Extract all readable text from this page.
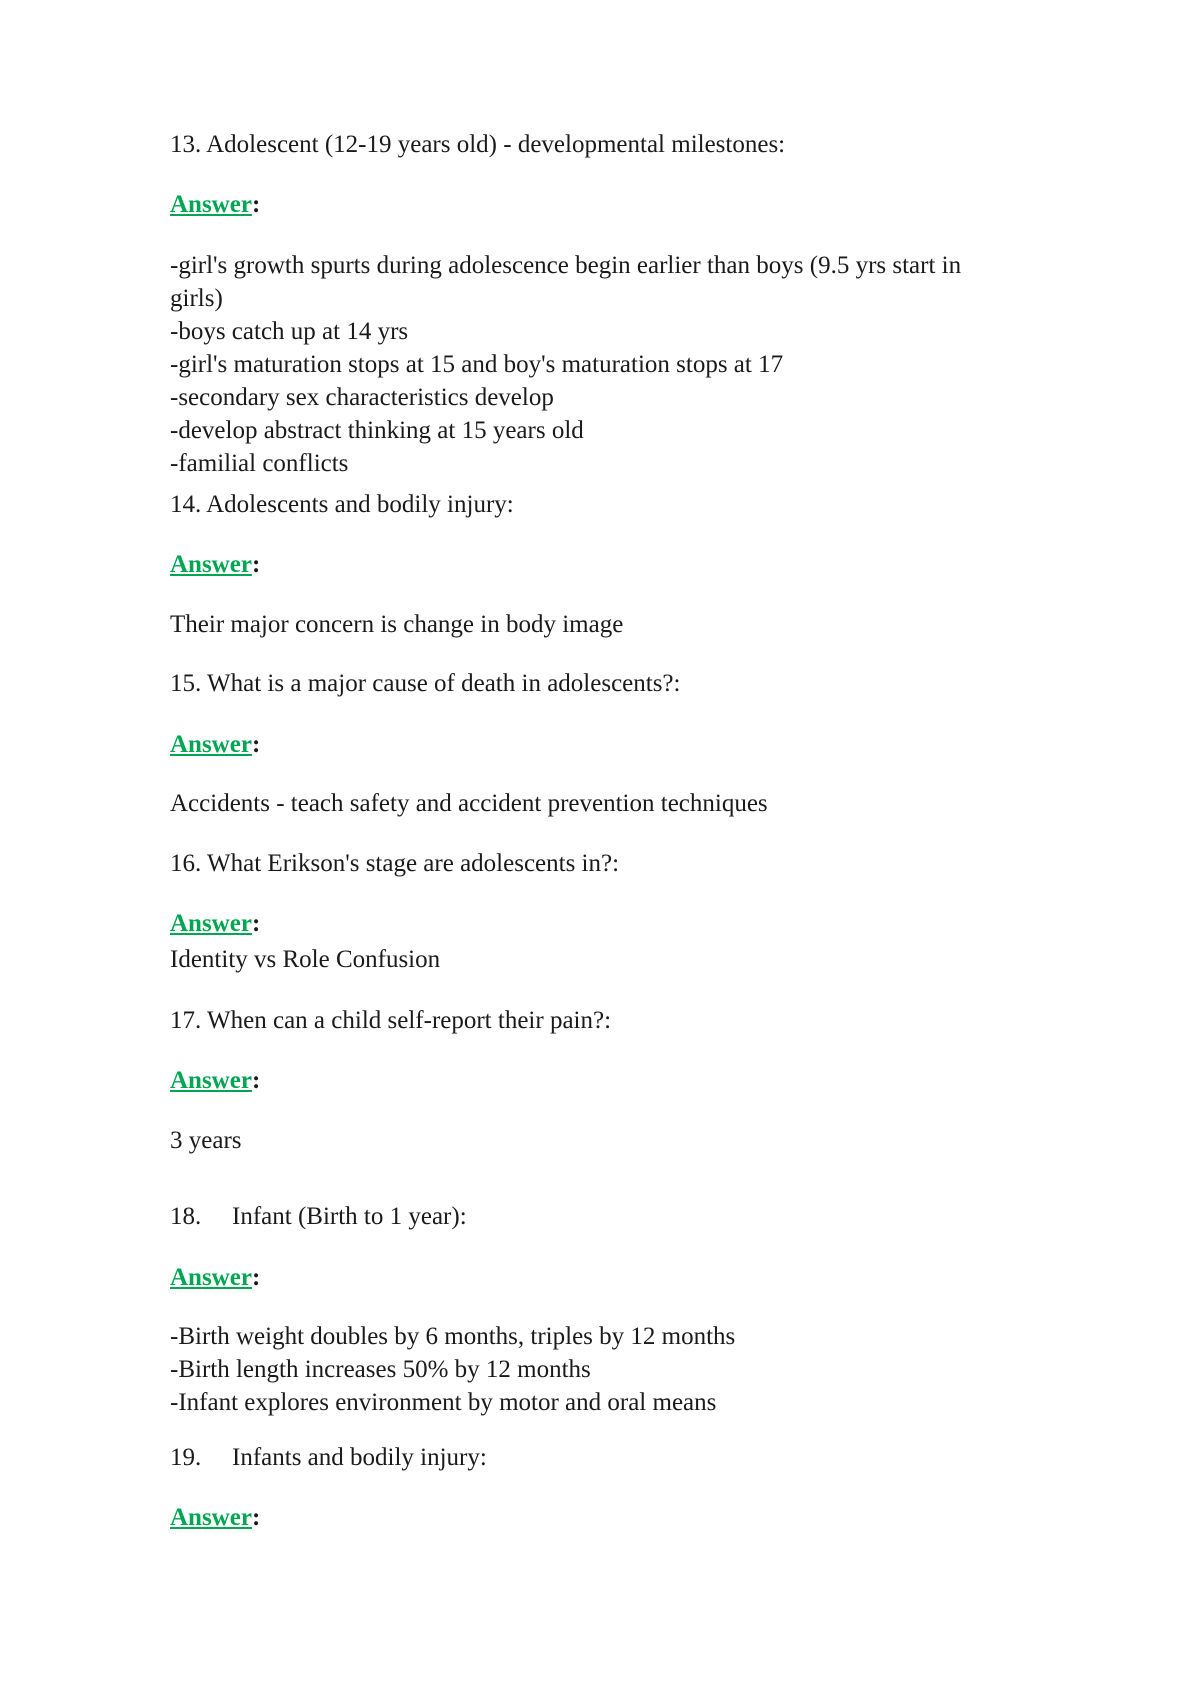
13. Adolescent (12-19 years old) - developmental milestones:
Answer:
-girl's growth spurts during adolescence begin earlier than boys (9.5 yrs start in
girls)
-boys catch up at 14 yrs
-girl's maturation stops at 15 and boy's maturation stops at 17
-secondary sex characteristics develop
-develop abstract thinking at 15 years old
-familial conflicts
14. Adolescents and bodily injury:
Answer:
Their major concern is change in body image
15. What is a major cause of death in adolescents?:
Answer:
Accidents - teach safety and accident prevention techniques
16. What Erikson's stage are adolescents in?:
Answer:
Identity vs Role Confusion
17. When can a child self-report their pain?:
Answer:
3 years
18. Infant (Birth to 1 year):
Answer:
-Birth weight doubles by 6 months, triples by 12 months
-Birth length increases 50% by 12 months
-Infant explores environment by motor and oral means
19. Infants and bodily injury:
Answer:
